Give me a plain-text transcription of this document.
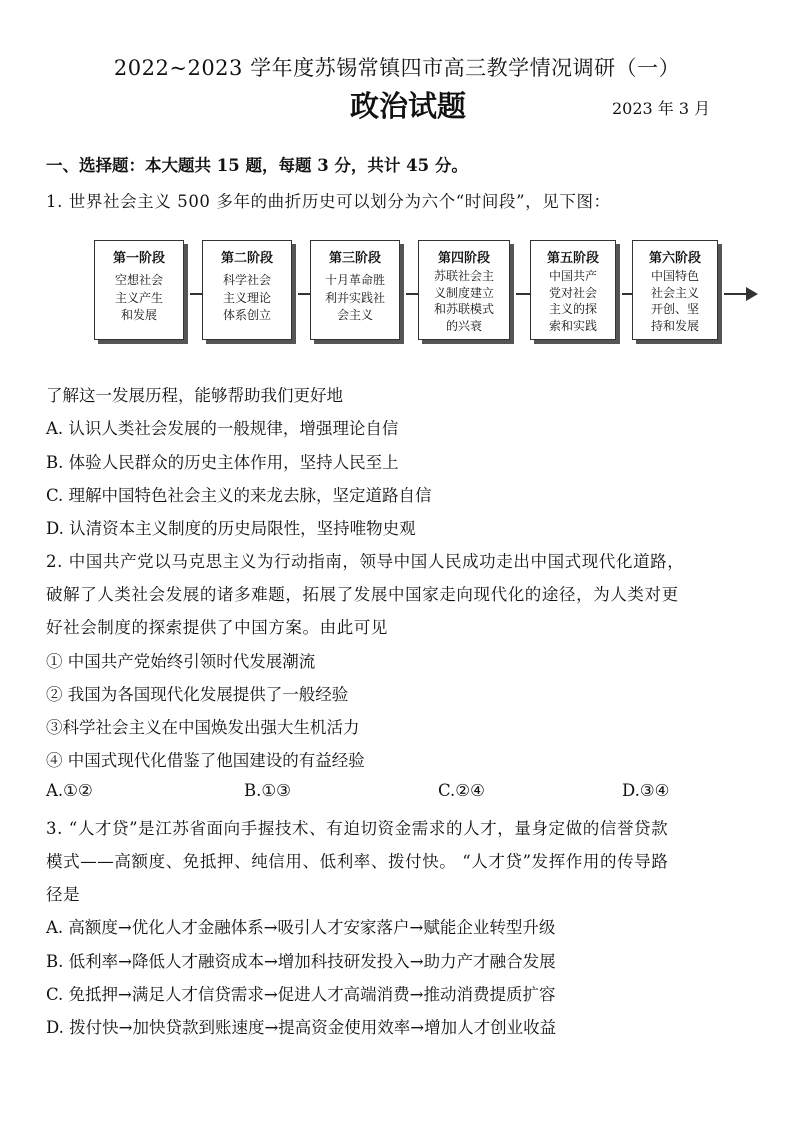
2022~2023 学年度苏锡常镇四市高三教学情况调研（一）
政治试题	2023 年 3 月
一、选择题：本大题共 15 题，每题 3 分，共计 45 分。
1. 世界社会主义 500 多年的曲折历史可以划分为六个“时间段”，见下图：
第一阶段
空想社会
主义产生
和发展
第二阶段
科学社会
主义理论
体系创立
第三阶段
十月革命胜
利并实践社
会主义
第四阶段
苏联社会主
义制度建立
和苏联模式
的兴衰
第五阶段
中国共产
党对社会
主义的探
索和实践
第六阶段
中国特色
社会主义
开创、坚
持和发展
了解这一发展历程，能够帮助我们更好地
A. 认识人类社会发展的一般规律，增强理论自信
B. 体验人民群众的历史主体作用，坚持人民至上
C. 理解中国特色社会主义的来龙去脉，坚定道路自信
D. 认清资本主义制度的历史局限性，坚持唯物史观
2. 中国共产党以马克思主义为行动指南，领导中国人民成功走出中国式现代化道路，
破解了人类社会发展的诸多难题，拓展了发展中国家走向现代化的途径，为人类对更
好社会制度的探索提供了中国方案。由此可见
① 中国共产党始终引领时代发展潮流
② 我国为各国现代化发展提供了一般经验
③科学社会主义在中国焕发出强大生机活力
④ 中国式现代化借鉴了他国建设的有益经验
A.①②	B.①③	C.②④	D.③④
3. “人才贷”是江苏省面向手握技术、有迫切资金需求的人才，量身定做的信誉贷款
模式——高额度、免抵押、纯信用、低利率、拨付快。 “人才贷”发挥作用的传导路
径是
A. 高额度→优化人才金融体系→吸引人才安家落户→赋能企业转型升级
B. 低利率→降低人才融资成本→增加科技研发投入→助力产才融合发展
C. 免抵押→满足人才信贷需求→促进人才高端消费→推动消费提质扩容
D. 拨付快→加快贷款到账速度→提高资金使用效率→增加人才创业收益
